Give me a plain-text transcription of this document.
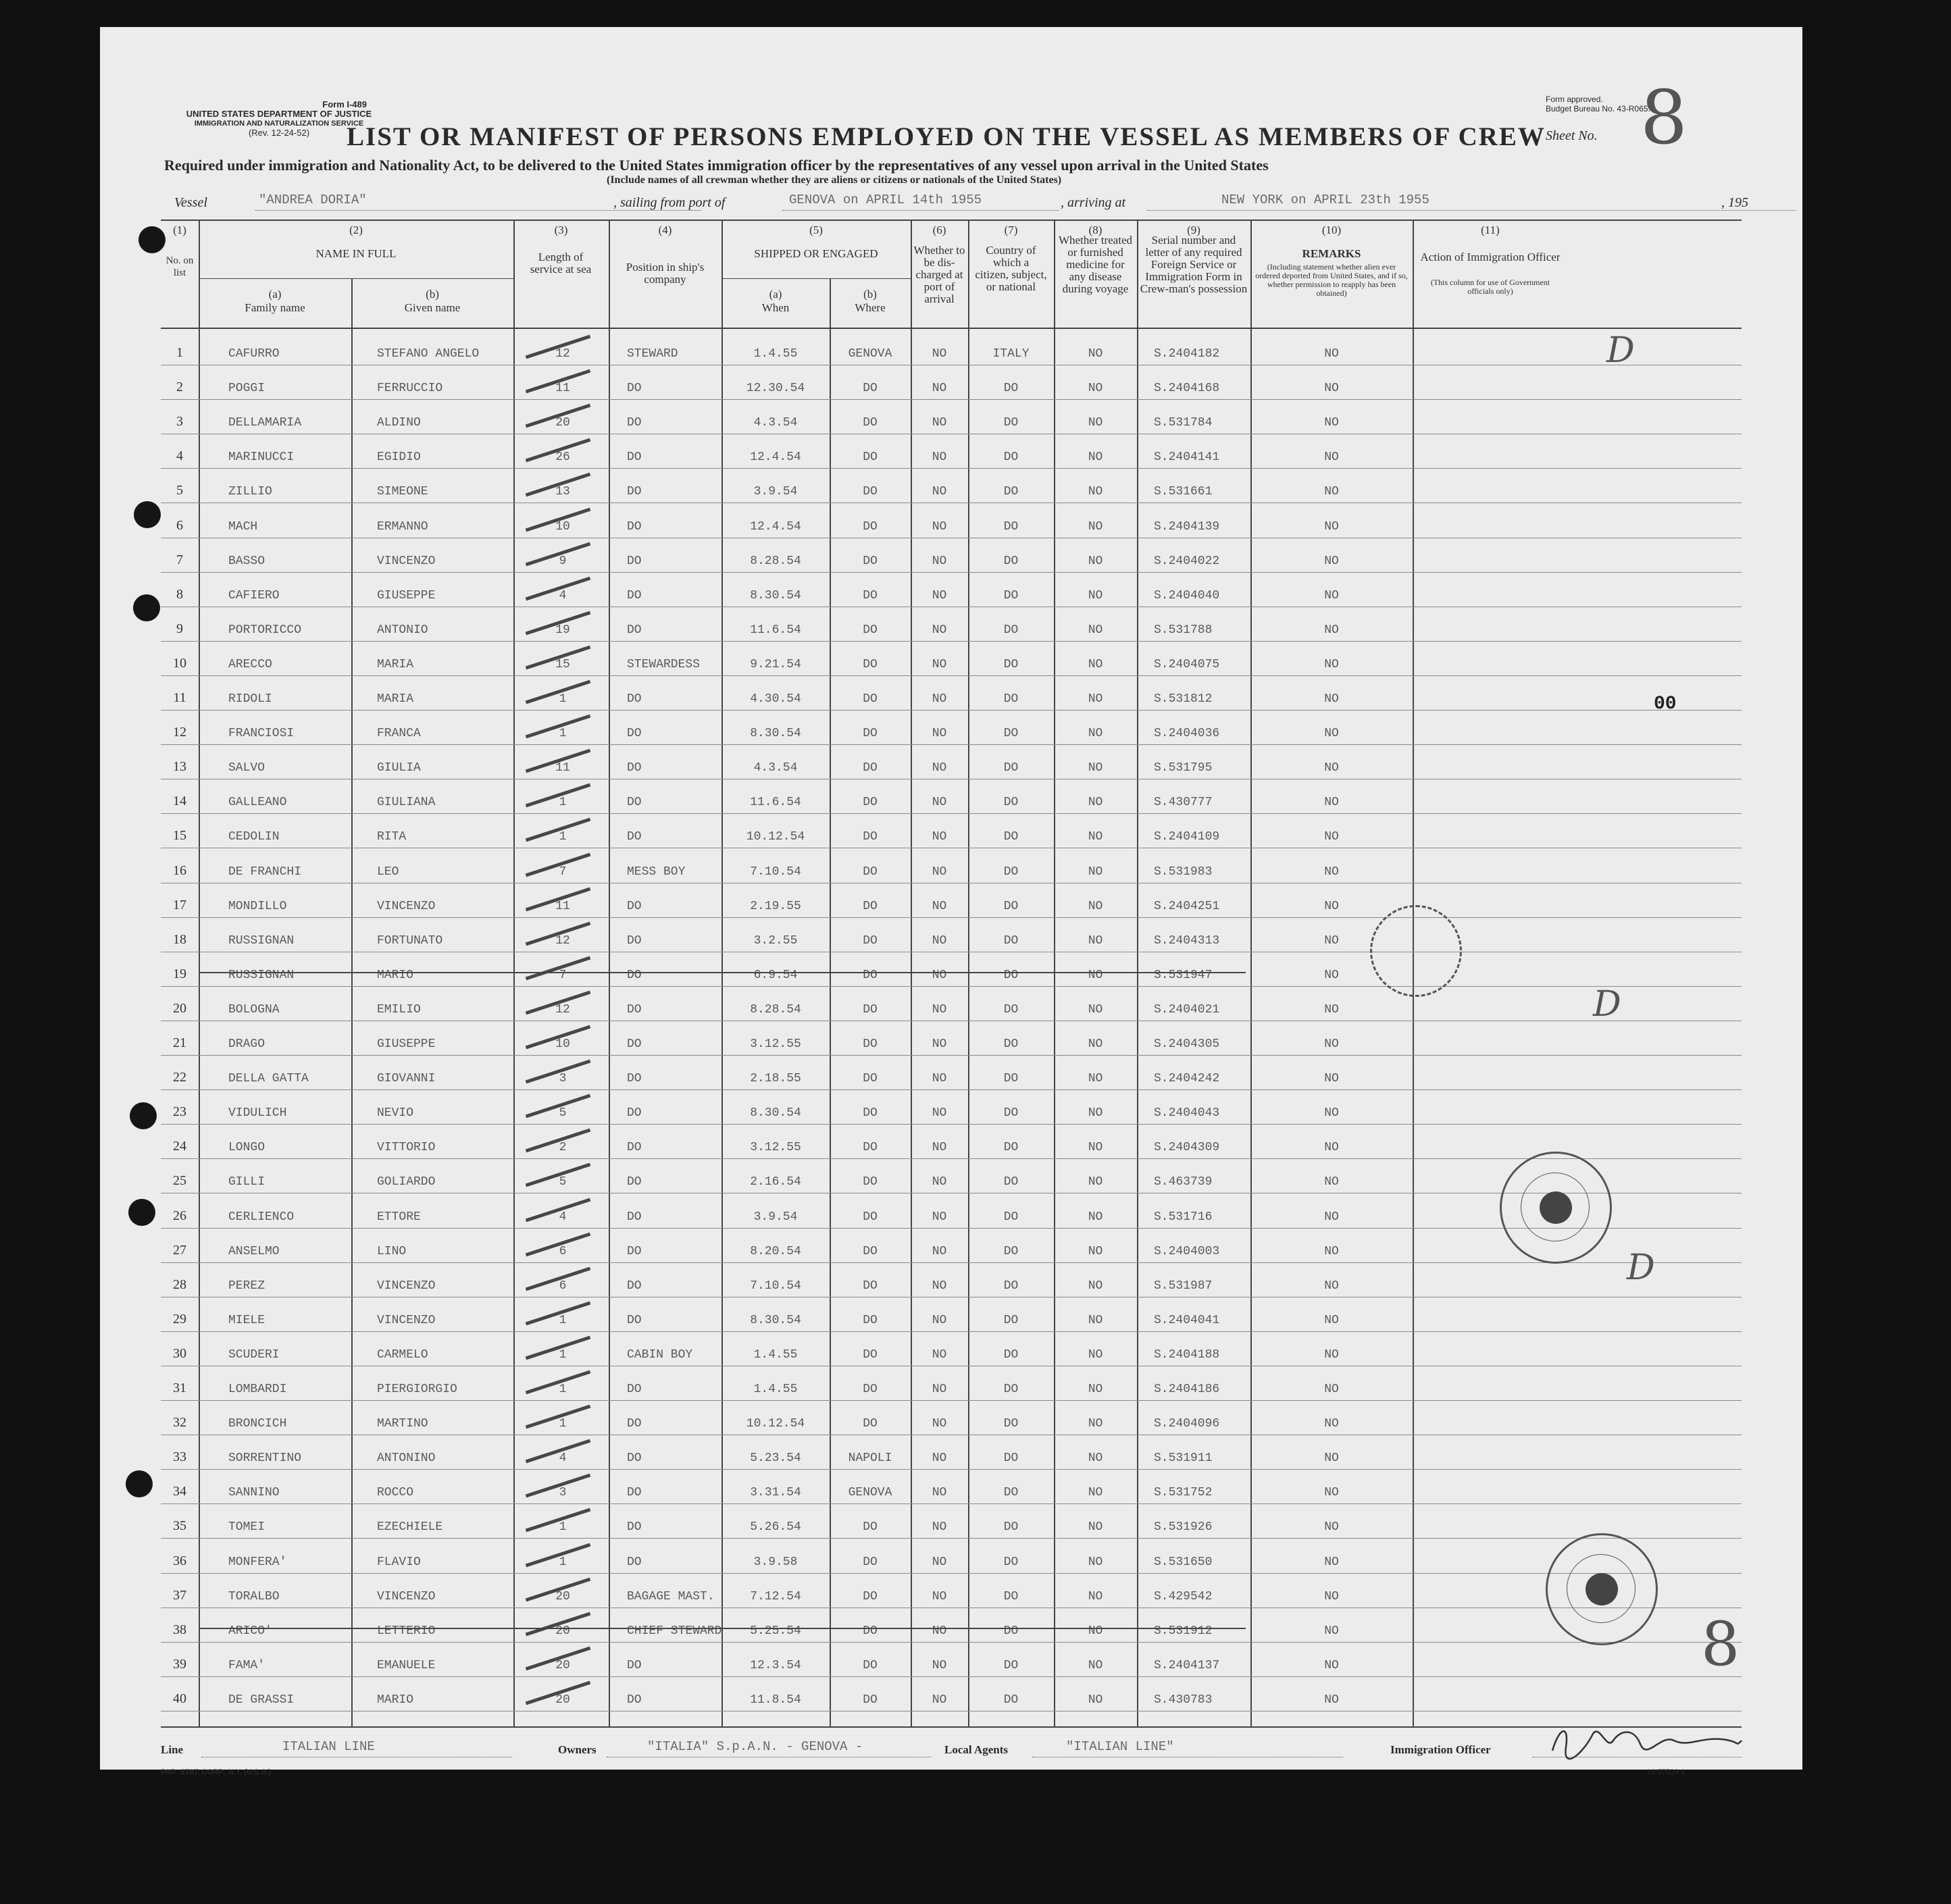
Form I-489
UNITED STATES DEPARTMENT OF JUSTICE
IMMIGRATION AND NATURALIZATION SERVICE
(Rev. 12-24-52)
Form approved.
Budget Bureau No. 43-R065.5.
Sheet No. 8
LIST OR MANIFEST OF PERSONS EMPLOYED ON THE VESSEL AS MEMBERS OF CREW
Required under immigration and Nationality Act, to be delivered to the United States immigration officer by the representatives of any vessel upon arrival in the United States
(Include names of all crewman whether they are aliens or citizens or nationals of the United States)
Vessel	"ANDREA DORIA"	, sailing from port of	GENOVA on APRIL 14th 1955	, arriving at	NEW YORK on APRIL 23th 1955	, 195
(1)
No. on list
(2)
NAME IN FULL
(a)
Family name
(b)
Given name
(3)
Length of service at sea
(4)
Position in ship's company
(5)
SHIPPED OR ENGAGED
(a)
When
(b)
Where
(6)
Whether to be dis-charged at port of arrival
(7)
Country of which a citizen, subject, or national
(8)
Whether treated or furnished medicine for any disease during voyage
(9)
Serial number and letter of any required Foreign Service or Immigration Form in Crew-man's possession
(10)
REMARKS
(Including statement whether alien ever ordered deported from United States, and if so, whether permission to reapply has been obtained)
(11)
Action of Immigration Officer
(This column for use of Government officials only)
1	CAFURRO	STEFANO ANGELO	12	STEWARD	1.4.55	GENOVA	NO	ITALY	NO	S.2404182	NO
2	POGGI	FERRUCCIO	11	DO	12.30.54	DO	NO	DO	NO	S.2404168	NO
3	DELLAMARIA	ALDINO	20	DO	4.3.54	DO	NO	DO	NO	S.531784	NO
4	MARINUCCI	EGIDIO	26	DO	12.4.54	DO	NO	DO	NO	S.2404141	NO
5	ZILLIO	SIMEONE	13	DO	3.9.54	DO	NO	DO	NO	S.531661	NO
6	MACH	ERMANNO	10	DO	12.4.54	DO	NO	DO	NO	S.2404139	NO
7	BASSO	VINCENZO	9	DO	8.28.54	DO	NO	DO	NO	S.2404022	NO
8	CAFIERO	GIUSEPPE	4	DO	8.30.54	DO	NO	DO	NO	S.2404040	NO
9	PORTORICCO	ANTONIO	19	DO	11.6.54	DO	NO	DO	NO	S.531788	NO
10	ARECCO	MARIA	15	STEWARDESS	9.21.54	DO	NO	DO	NO	S.2404075	NO
11	RIDOLI	MARIA	1	DO	4.30.54	DO	NO	DO	NO	S.531812	NO
12	FRANCIOSI	FRANCA	1	DO	8.30.54	DO	NO	DO	NO	S.2404036	NO
13	SALVO	GIULIA	11	DO	4.3.54	DO	NO	DO	NO	S.531795	NO
14	GALLEANO	GIULIANA	1	DO	11.6.54	DO	NO	DO	NO	S.430777	NO
15	CEDOLIN	RITA	1	DO	10.12.54	DO	NO	DO	NO	S.2404109	NO
16	DE FRANCHI	LEO	7	MESS BOY	7.10.54	DO	NO	DO	NO	S.531983	NO
17	MONDILLO	VINCENZO	11	DO	2.19.55	DO	NO	DO	NO	S.2404251	NO
18	RUSSIGNAN	FORTUNATO	12	DO	3.2.55	DO	NO	DO	NO	S.2404313	NO
19	RUSSIGNAN	MARIO	7	DO	6.9.54	DO	NO	DO	NO	S.531947	NO
20	BOLOGNA	EMILIO	12	DO	8.28.54	DO	NO	DO	NO	S.2404021	NO
21	DRAGO	GIUSEPPE	10	DO	3.12.55	DO	NO	DO	NO	S.2404305	NO
22	DELLA GATTA	GIOVANNI	3	DO	2.18.55	DO	NO	DO	NO	S.2404242	NO
23	VIDULICH	NEVIO	5	DO	8.30.54	DO	NO	DO	NO	S.2404043	NO
24	LONGO	VITTORIO	2	DO	3.12.55	DO	NO	DO	NO	S.2404309	NO
25	GILLI	GOLIARDO	5	DO	2.16.54	DO	NO	DO	NO	S.463739	NO
26	CERLIENCO	ETTORE	4	DO	3.9.54	DO	NO	DO	NO	S.531716	NO
27	ANSELMO	LINO	6	DO	8.20.54	DO	NO	DO	NO	S.2404003	NO
28	PEREZ	VINCENZO	6	DO	7.10.54	DO	NO	DO	NO	S.531987	NO
29	MIELE	VINCENZO	1	DO	8.30.54	DO	NO	DO	NO	S.2404041	NO
30	SCUDERI	CARMELO	1	CABIN BOY	1.4.55	DO	NO	DO	NO	S.2404188	NO
31	LOMBARDI	PIERGIORGIO	1	DO	1.4.55	DO	NO	DO	NO	S.2404186	NO
32	BRONCICH	MARTINO	1	DO	10.12.54	DO	NO	DO	NO	S.2404096	NO
33	SORRENTINO	ANTONINO	4	DO	5.23.54	NAPOLI	NO	DO	NO	S.531911	NO
34	SANNINO	ROCCO	3	DO	3.31.54	GENOVA	NO	DO	NO	S.531752	NO
35	TOMEI	EZECHIELE	1	DO	5.26.54	DO	NO	DO	NO	S.531926	NO
36	MONFERA'	FLAVIO	1	DO	3.9.58	DO	NO	DO	NO	S.531650	NO
37	TORALBO	VINCENZO	20	BAGAGE MAST.	7.12.54	DO	NO	DO	NO	S.429542	NO
38	ARICO'	LETTERIO	20	CHIEF STEWARD	5.25.54	DO	NO	DO	NO	S.531912	NO
39	FAMA'	EMANUELE	20	DO	12.3.54	DO	NO	DO	NO	S.2404137	NO
40	DE GRASSI	MARIO	20	DO	11.8.54	DO	NO	DO	NO	S.430783	NO
00
D
D
D
8
Line	ITALIAN LINE	Owners	"ITALIA" S.p.A.N. - GENOVA -	Local Agents	"ITALIAN LINE"	Immigration Officer
PAR. STAT. CORP., N.Y. (U.S.A.)	16-57529-1
